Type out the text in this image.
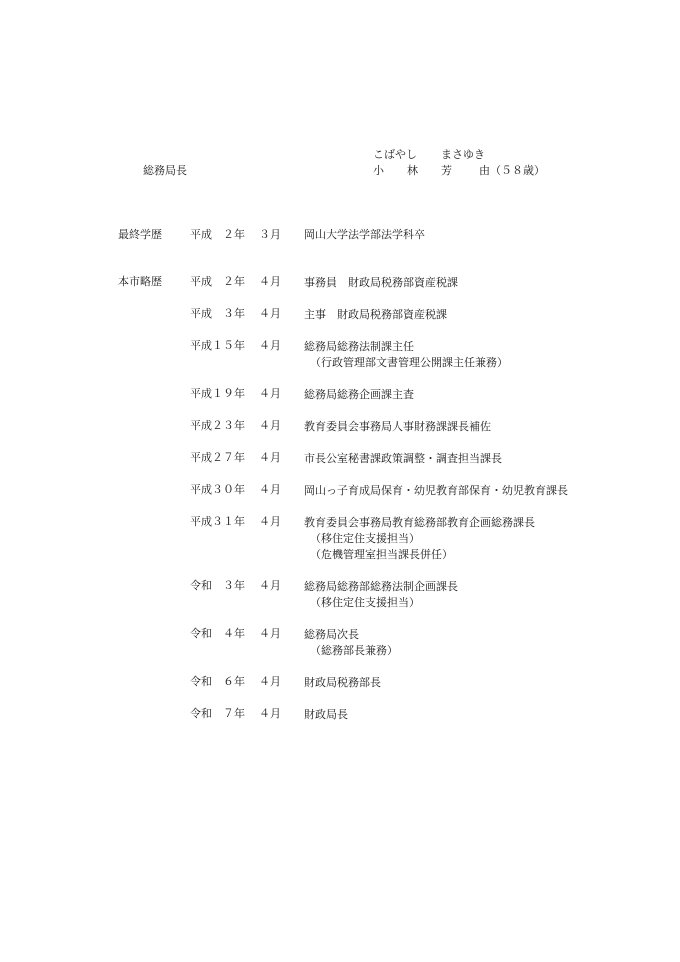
総務局長
こばやし	まさゆき
小	林	芳	由（５８歳）
最終学歴	平成　２年 ３月 岡山大学法学部法学科卒
本市略歴	平成　２年 ４月 事務員　財政局税務部資産税課
平成　３年 ４月 主事　財政局税務部資産税課
平成１５年 ４月 総務局総務法制課主任
（行政管理部文書管理公開課主任兼務）
平成１９年 ４月 総務局総務企画課主査
平成２３年 ４月 教育委員会事務局人事財務課課長補佐
平成２７年 ４月 市長公室秘書課政策調整・調査担当課長
平成３０年 ４月 岡山っ子育成局保育・幼児教育部保育・幼児教育課長
平成３１年 ４月 教育委員会事務局教育総務部教育企画総務課長
（移住定住支援担当）
（危機管理室担当課長併任）
令和　３年 ４月 総務局総務部総務法制企画課長
（移住定住支援担当）
令和　４年 ４月 総務局次長
（総務部長兼務）
令和　６年 ４月 財政局税務部長
令和　７年 ４月 財政局長
